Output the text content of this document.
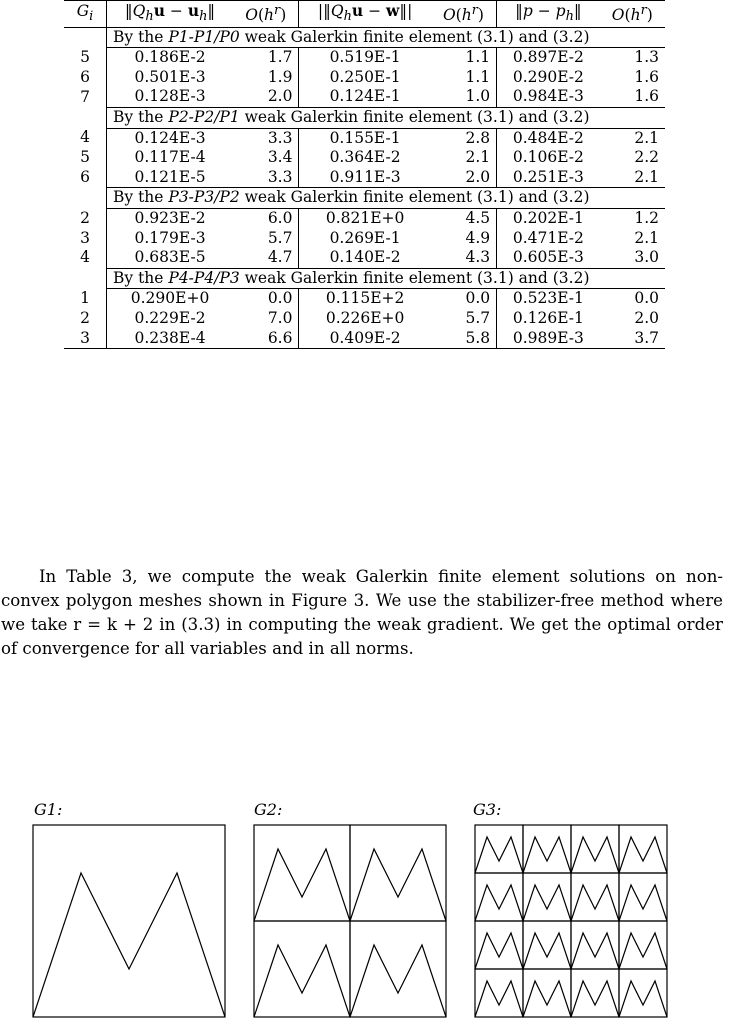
$G_i$	$‖Q_hu$ − $u_h‖$	$O(h^r)$	$|‖Q_hu$ − w‖|	$O(h^r)$	‖p − $p_h‖$	$O(h^r)$
	By the P1-P1/P0 weak Galerkin finite element (3.1) and (3.2)					
5	0.186E-2	1.7	0.519E-1	1.1	0.897E-2	1.3
6	0.501E-3	1.9	0.250E-1	1.1	0.290E-2	1.6
7	0.128E-3	2.0	0.124E-1	1.0	0.984E-3	1.6
	By the P2-P2/P1 weak Galerkin finite element (3.1) and (3.2)					
4	0.124E-3	3.3	0.155E-1	2.8	0.484E-2	2.1
5	0.117E-4	3.4	0.364E-2	2.1	0.106E-2	2.2
6	0.121E-5	3.3	0.911E-3	2.0	0.251E-3	2.1
	By the P3-P3/P2 weak Galerkin finite element (3.1) and (3.2)					
2	0.923E-2	6.0	0.821E+0	4.5	0.202E-1	1.2
3	0.179E-3	5.7	0.269E-1	4.9	0.471E-2	2.1
4	0.683E-5	4.7	0.140E-2	4.3	0.605E-3	3.0
	By the P4-P4/P3 weak Galerkin finite element (3.1) and (3.2)					
1	0.290E+0	0.0	0.115E+2	0.0	0.523E-1	0.0
2	0.229E-2	7.0	0.226E+0	5.7	0.126E-1	2.0
3	0.238E-4	6.6	0.409E-2	5.8	0.989E-3	3.7

In Table 3, we compute the weak Galerkin finite element solutions on non-convex polygon meshes shown in Figure 3. We use the stabilizer-free method where we take r = k + 2 in (3.3) in computing the weak gradient. We get the optimal order of convergence for all variables and in all norms.

G1:	G2:	G3:
